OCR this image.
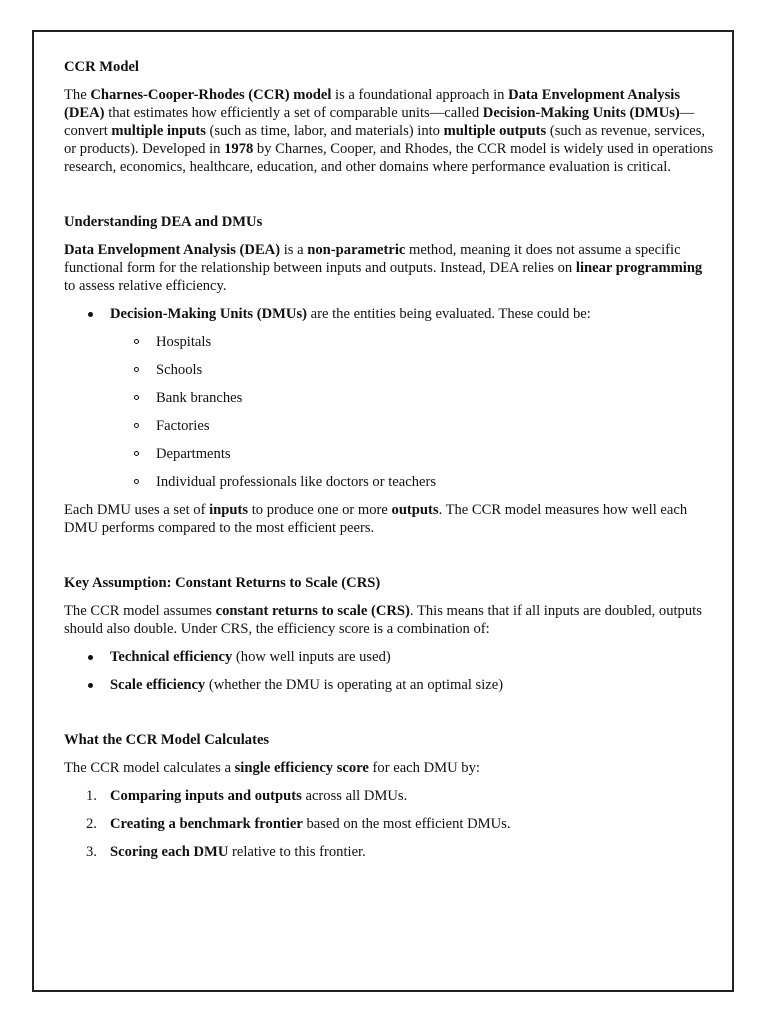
CCR Model

The Charnes-Cooper-Rhodes (CCR) model is a foundational approach in Data Envelopment Analysis (DEA) that estimates how efficiently a set of comparable units—called Decision-Making Units (DMUs)—convert multiple inputs (such as time, labor, and materials) into multiple outputs (such as revenue, services, or products). Developed in 1978 by Charnes, Cooper, and Rhodes, the CCR model is widely used in operations research, economics, healthcare, education, and other domains where performance evaluation is critical.

Understanding DEA and DMUs

Data Envelopment Analysis (DEA) is a non-parametric method, meaning it does not assume a specific functional form for the relationship between inputs and outputs. Instead, DEA relies on linear programming to assess relative efficiency.

Decision-Making Units (DMUs) are the entities being evaluated. These could be:
Hospitals
Schools
Bank branches
Factories
Departments
Individual professionals like doctors or teachers

Each DMU uses a set of inputs to produce one or more outputs. The CCR model measures how well each DMU performs compared to the most efficient peers.

Key Assumption: Constant Returns to Scale (CRS)

The CCR model assumes constant returns to scale (CRS). This means that if all inputs are doubled, outputs should also double. Under CRS, the efficiency score is a combination of:

Technical efficiency (how well inputs are used)
Scale efficiency (whether the DMU is operating at an optimal size)
What the CCR Model Calculates

The CCR model calculates a single efficiency score for each DMU by:

1. Comparing inputs and outputs across all DMUs.
2. Creating a benchmark frontier based on the most efficient DMUs.
3. Scoring each DMU relative to this frontier.
